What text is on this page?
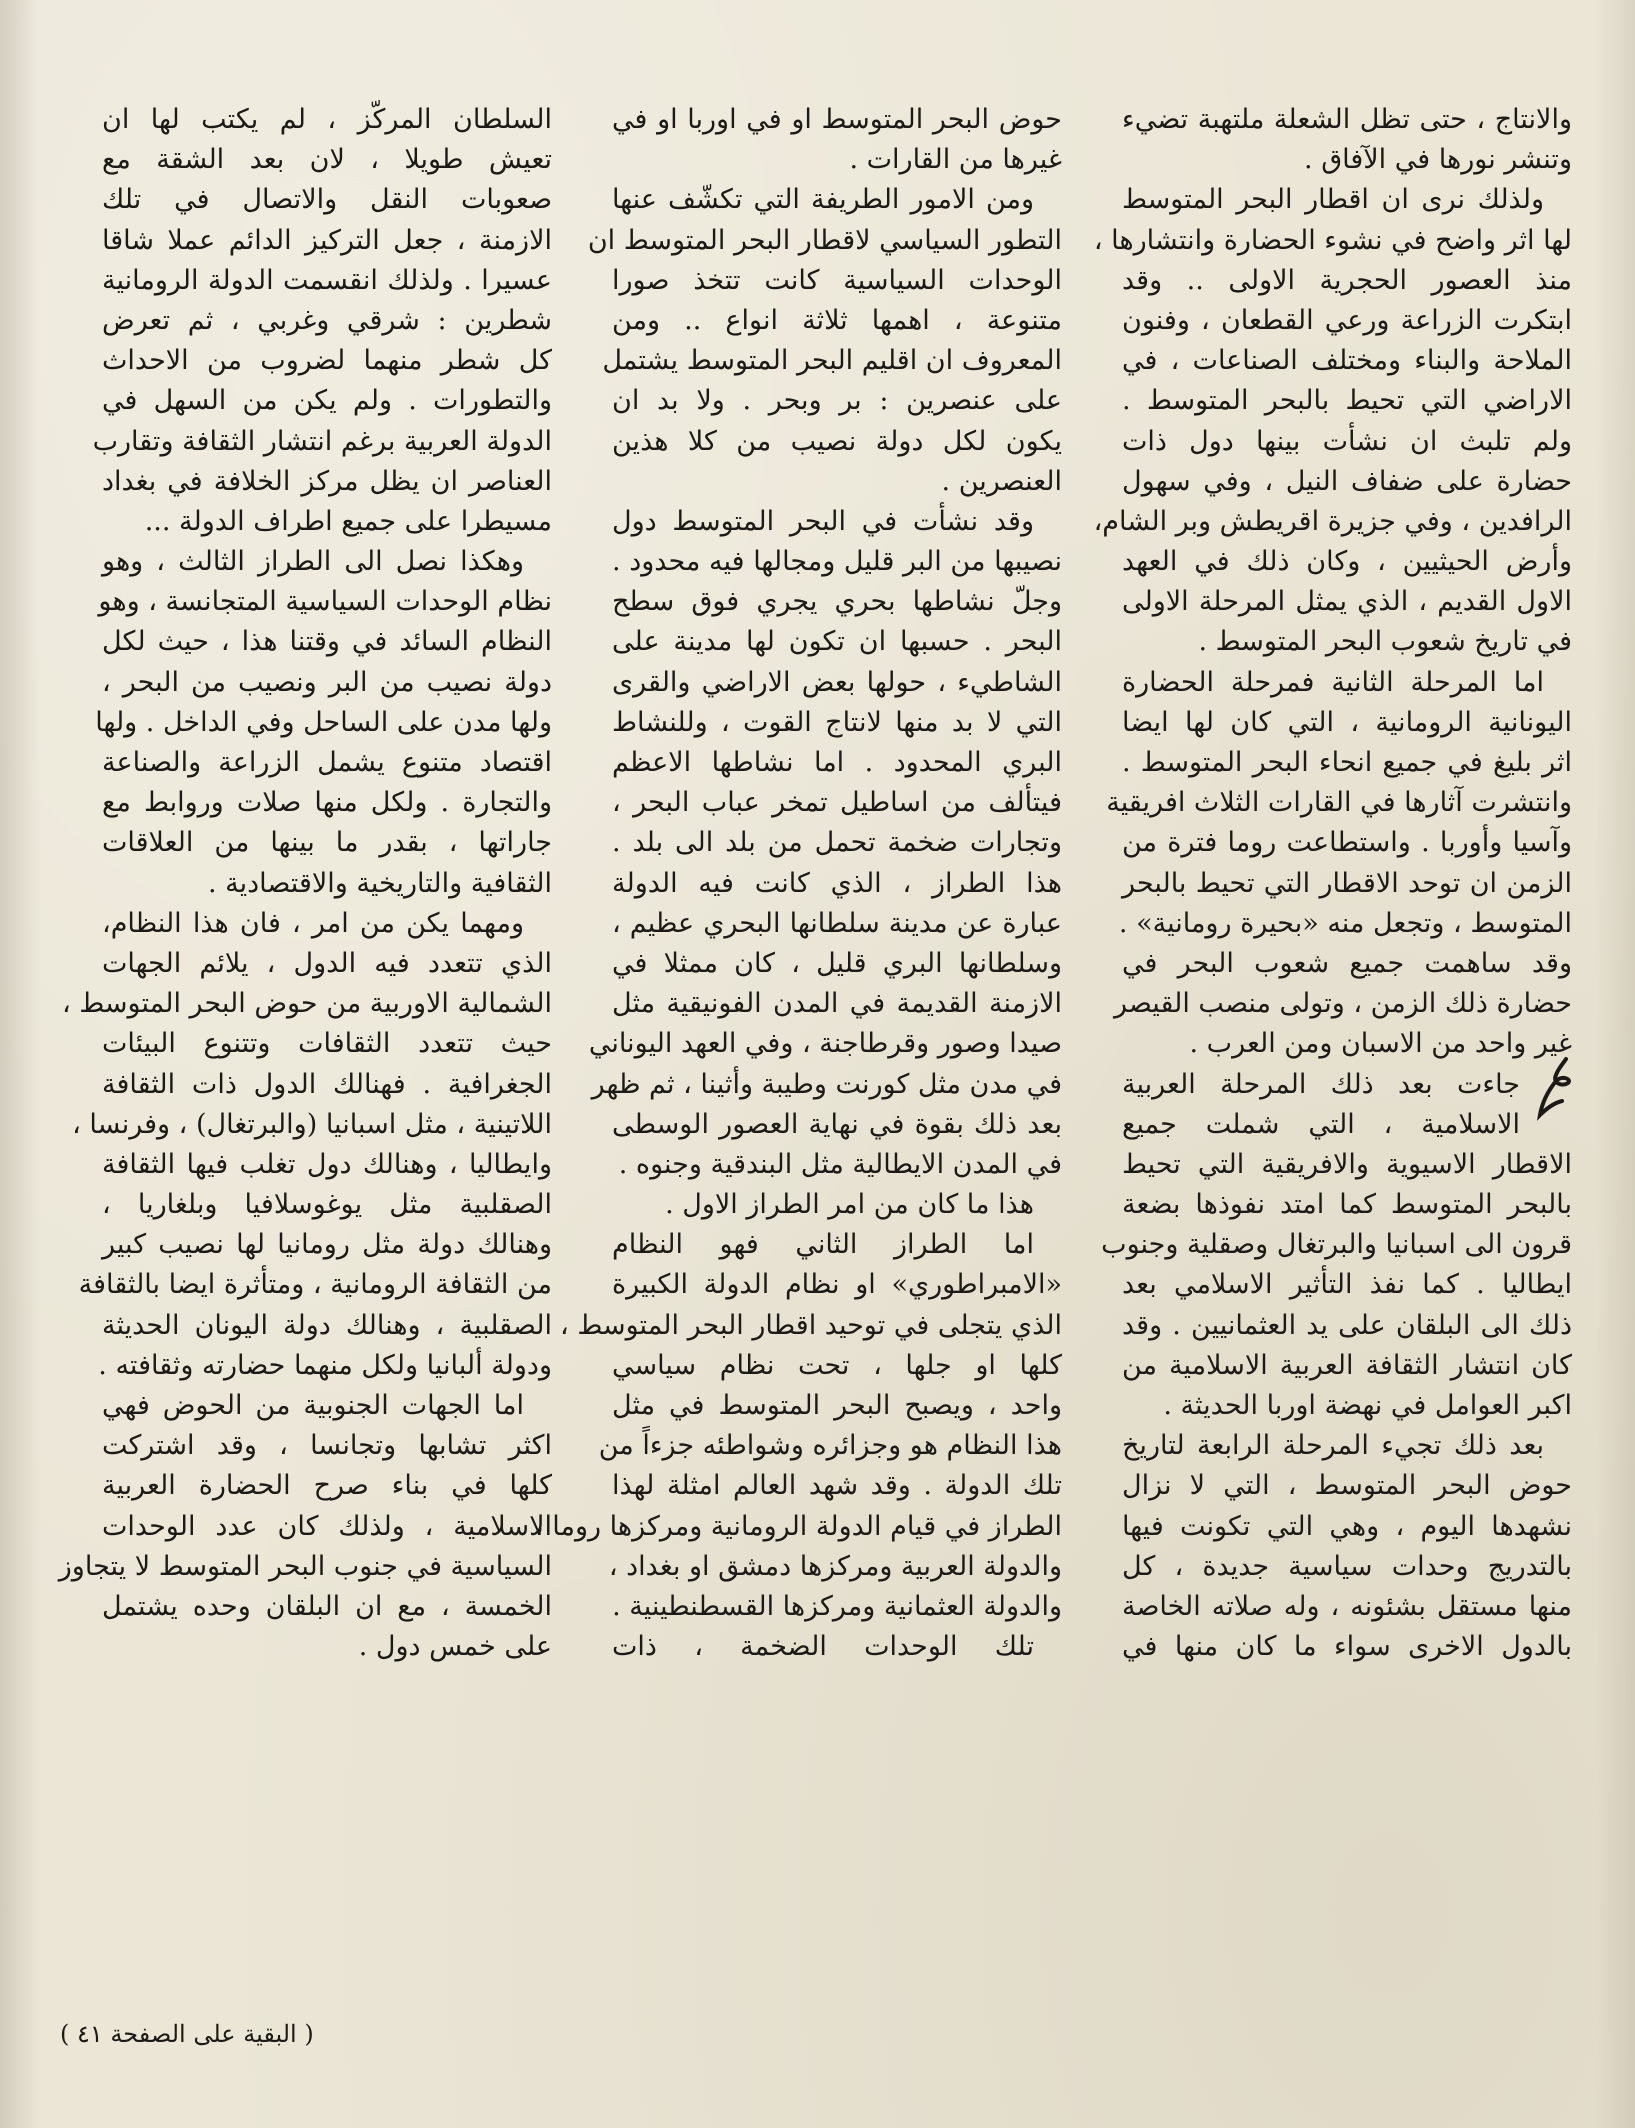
والانتاج ، حتى تظل الشعلة ملتهبة تضيء
وتنشر نورها في الآفاق .
ولذلك نرى ان اقطار البحر المتوسط
لها اثر واضح في نشوء الحضارة وانتشارها ،
منذ العصور الحجرية الاولى .. وقد
ابتكرت الزراعة ورعي القطعان ، وفنون
الملاحة والبناء ومختلف الصناعات ، في
الاراضي التي تحيط بالبحر المتوسط .
ولم تلبث ان نشأت بينها دول ذات
حضارة على ضفاف النيل ، وفي سهول
الرافدين ، وفي جزيرة اقريطش وبر الشام،
وأرض الحيثيين ، وكان ذلك في العهد
الاول القديم ، الذي يمثل المرحلة الاولى
في تاريخ شعوب البحر المتوسط .
اما المرحلة الثانية فمرحلة الحضارة
اليونانية الرومانية ، التي كان لها ايضا
اثر بليغ في جميع انحاء البحر المتوسط .
وانتشرت آثارها في القارات الثلاث افريقية
وآسيا وأوربا . واستطاعت روما فترة من
الزمن ان توحد الاقطار التي تحيط بالبحر
المتوسط ، وتجعل منه «بحيرة رومانية» .
وقد ساهمت جميع شعوب البحر في
حضارة ذلك الزمن ، وتولى منصب القيصر
غير واحد من الاسبان ومن العرب .
جاءت بعد ذلك المرحلة العربية
الاسلامية ، التي شملت جميع
الاقطار الاسيوية والافريقية التي تحيط
بالبحر المتوسط كما امتد نفوذها بضعة
قرون الى اسبانيا والبرتغال وصقلية وجنوب
ايطاليا . كما نفذ التأثير الاسلامي بعد
ذلك الى البلقان على يد العثمانيين . وقد
كان انتشار الثقافة العربية الاسلامية من
اكبر العوامل في نهضة اوربا الحديثة .
بعد ذلك تجيء المرحلة الرابعة لتاريخ
حوض البحر المتوسط ، التي لا نزال
نشهدها اليوم ، وهي التي تكونت فيها
بالتدريج وحدات سياسية جديدة ، كل
منها مستقل بشئونه ، وله صلاته الخاصة
بالدول الاخرى سواء ما كان منها في
حوض البحر المتوسط او في اوربا او في
غيرها من القارات .
ومن الامور الطريفة التي تكشّف عنها
التطور السياسي لاقطار البحر المتوسط ان
الوحدات السياسية كانت تتخذ صورا
متنوعة ، اهمها ثلاثة انواع .. ومن
المعروف ان اقليم البحر المتوسط يشتمل
على عنصرين : بر وبحر . ولا بد ان
يكون لكل دولة نصيب من كلا هذين
العنصرين .
وقد نشأت في البحر المتوسط دول
نصيبها من البر قليل ومجالها فيه محدود .
وجلّ نشاطها بحري يجري فوق سطح
البحر . حسبها ان تكون لها مدينة على
الشاطيء ، حولها بعض الاراضي والقرى
التي لا بد منها لانتاج القوت ، وللنشاط
البري المحدود . اما نشاطها الاعظم
فيتألف من اساطيل تمخر عباب البحر ،
وتجارات ضخمة تحمل من بلد الى بلد .
هذا الطراز ، الذي كانت فيه الدولة
عبارة عن مدينة سلطانها البحري عظيم ،
وسلطانها البري قليل ، كان ممثلا في
الازمنة القديمة في المدن الفونيقية مثل
صيدا وصور وقرطاجنة ، وفي العهد اليوناني
في مدن مثل كورنت وطيبة وأثينا ، ثم ظهر
بعد ذلك بقوة في نهاية العصور الوسطى
في المدن الايطالية مثل البندقية وجنوه .
هذا ما كان من امر الطراز الاول .
اما الطراز الثاني فهو النظام
«الامبراطوري» او نظام الدولة الكبيرة
الذي يتجلى في توحيد اقطار البحر المتوسط ،
كلها او جلها ، تحت نظام سياسي
واحد ، ويصبح البحر المتوسط في مثل
هذا النظام هو وجزائره وشواطئه جزءاً من
تلك الدولة . وقد شهد العالم امثلة لهذا
الطراز في قيام الدولة الرومانية ومركزها روما ،
والدولة العربية ومركزها دمشق او بغداد ،
والدولة العثمانية ومركزها القسطنطينية .
تلك الوحدات الضخمة ، ذات
السلطان المركّز ، لم يكتب لها ان
تعيش طويلا ، لان بعد الشقة مع
صعوبات النقل والاتصال في تلك
الازمنة ، جعل التركيز الدائم عملا شاقا
عسيرا . ولذلك انقسمت الدولة الرومانية
شطرين : شرقي وغربي ، ثم تعرض
كل شطر منهما لضروب من الاحداث
والتطورات . ولم يكن من السهل في
الدولة العربية برغم انتشار الثقافة وتقارب
العناصر ان يظل مركز الخلافة في بغداد
مسيطرا على جميع اطراف الدولة ...
وهكذا نصل الى الطراز الثالث ، وهو
نظام الوحدات السياسية المتجانسة ، وهو
النظام السائد في وقتنا هذا ، حيث لكل
دولة نصيب من البر ونصيب من البحر ،
ولها مدن على الساحل وفي الداخل . ولها
اقتصاد متنوع يشمل الزراعة والصناعة
والتجارة . ولكل منها صلات وروابط مع
جاراتها ، بقدر ما بينها من العلاقات
الثقافية والتاريخية والاقتصادية .
ومهما يكن من امر ، فان هذا النظام،
الذي تتعدد فيه الدول ، يلائم الجهات
الشمالية الاوربية من حوض البحر المتوسط ،
حيث تتعدد الثقافات وتتنوع البيئات
الجغرافية . فهنالك الدول ذات الثقافة
اللاتينية ، مثل اسبانيا (والبرتغال) ، وفرنسا ،
وايطاليا ، وهنالك دول تغلب فيها الثقافة
الصقلبية مثل يوغوسلافيا وبلغاريا ،
وهنالك دولة مثل رومانيا لها نصيب كبير
من الثقافة الرومانية ، ومتأثرة ايضا بالثقافة
الصقلبية ، وهنالك دولة اليونان الحديثة
ودولة ألبانيا ولكل منهما حضارته وثقافته .
اما الجهات الجنوبية من الحوض فهي
اكثر تشابها وتجانسا ، وقد اشتركت
كلها في بناء صرح الحضارة العربية
الاسلامية ، ولذلك كان عدد الوحدات
السياسية في جنوب البحر المتوسط لا يتجاوز
الخمسة ، مع ان البلقان وحده يشتمل
على خمس دول .
( البقية على الصفحة ٤١ )
